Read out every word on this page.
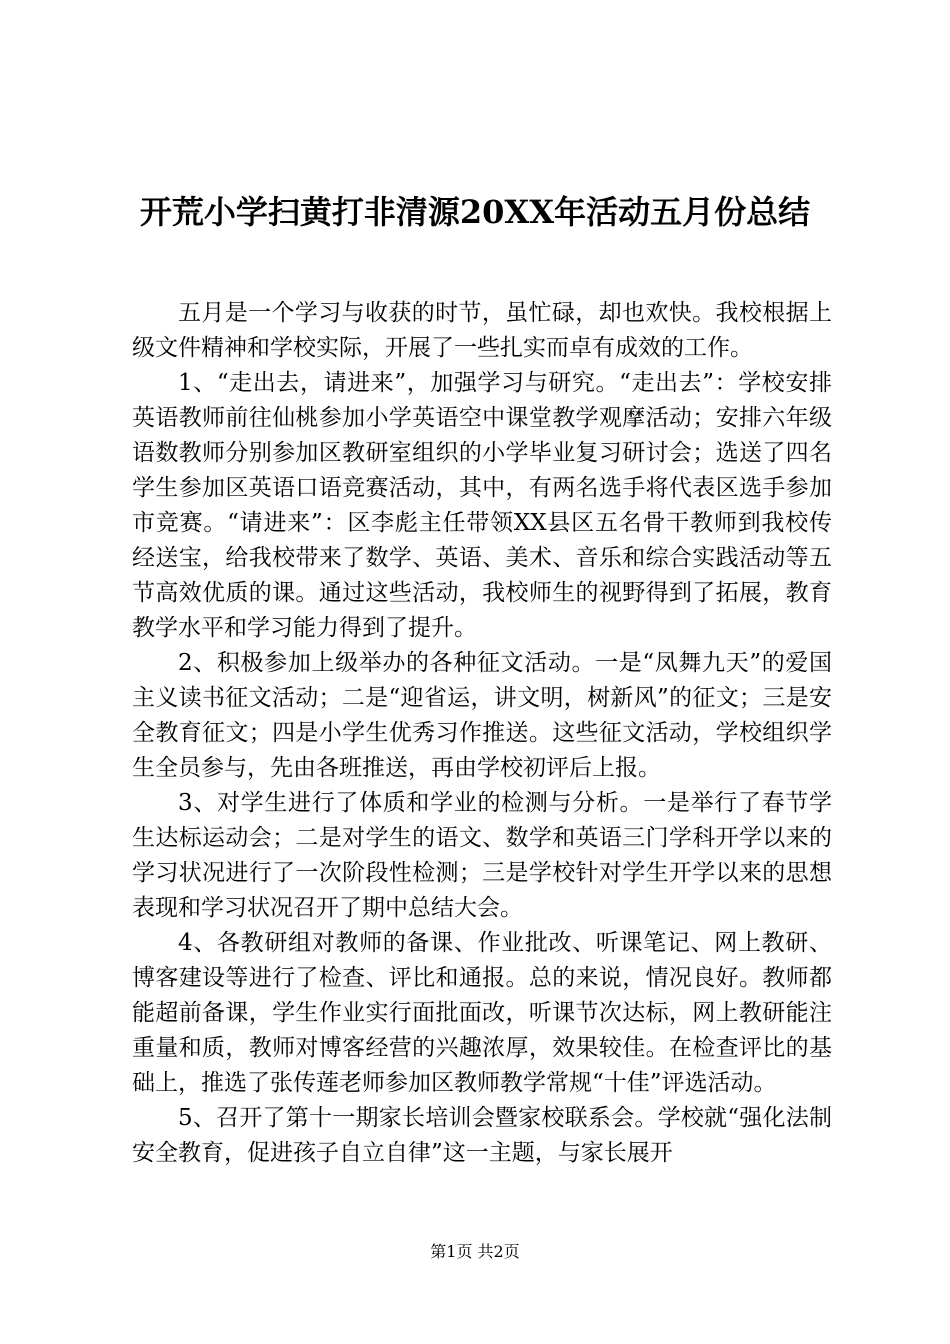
开荒小学扫黄打非清源20XX年活动五月份总结

五月是一个学习与收获的时节，虽忙碌，却也欢快。我校根据上级文件精神和学校实际，开展了一些扎实而卓有成效的工作。

1、“走出去，请进来”，加强学习与研究。“走出去”：学校安排英语教师前往仙桃参加小学英语空中课堂教学观摩活动；安排六年级语数教师分别参加区教研室组织的小学毕业复习研讨会；选送了四名学生参加区英语口语竞赛活动，其中，有两名选手将代表区选手参加市竞赛。“请进来”：区李彪主任带领XX县区五名骨干教师到我校传经送宝，给我校带来了数学、英语、美术、音乐和综合实践活动等五节高效优质的课。通过这些活动，我校师生的视野得到了拓展，教育教学水平和学习能力得到了提升。

2、积极参加上级举办的各种征文活动。一是“凤舞九天”的爱国主义读书征文活动；二是“迎省运，讲文明，树新风”的征文；三是安全教育征文；四是小学生优秀习作推送。这些征文活动，学校组织学生全员参与，先由各班推送，再由学校初评后上报。

3、对学生进行了体质和学业的检测与分析。一是举行了春节学生达标运动会；二是对学生的语文、数学和英语三门学科开学以来的学习状况进行了一次阶段性检测；三是学校针对学生开学以来的思想表现和学习状况召开了期中总结大会。

4、各教研组对教师的备课、作业批改、听课笔记、网上教研、博客建设等进行了检查、评比和通报。总的来说，情况良好。教师都能超前备课，学生作业实行面批面改，听课节次达标，网上教研能注重量和质，教师对博客经营的兴趣浓厚，效果较佳。在检查评比的基础上，推选了张传莲老师参加区教师教学常规“十佳”评选活动。

5、召开了第十一期家长培训会暨家校联系会。学校就“强化法制安全教育，促进孩子自立自律”这一主题，与家长展开

第1页 共2页
